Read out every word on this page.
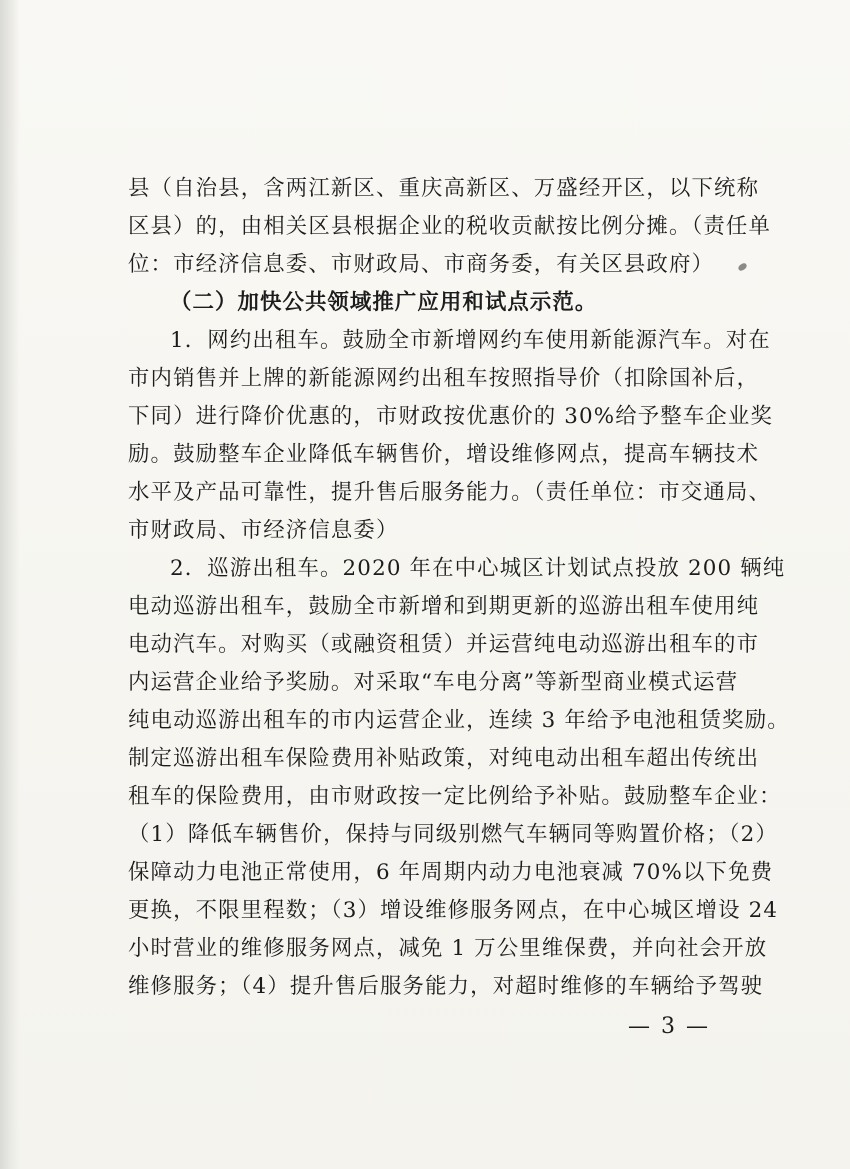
县（自治县，含两江新区、重庆高新区、万盛经开区，以下统称
区县）的，由相关区县根据企业的税收贡献按比例分摊。（责任单
位：市经济信息委、市财政局、市商务委，有关区县政府）
（二）加快公共领域推广应用和试点示范。
1．网约出租车。鼓励全市新增网约车使用新能源汽车。对在
市内销售并上牌的新能源网约出租车按照指导价（扣除国补后，
下同）进行降价优惠的，市财政按优惠价的 30%给予整车企业奖
励。鼓励整车企业降低车辆售价，增设维修网点，提高车辆技术
水平及产品可靠性，提升售后服务能力。（责任单位：市交通局、
市财政局、市经济信息委）
2．巡游出租车。2020 年在中心城区计划试点投放 200 辆纯
电动巡游出租车，鼓励全市新增和到期更新的巡游出租车使用纯
电动汽车。对购买（或融资租赁）并运营纯电动巡游出租车的市
内运营企业给予奖励。对采取“车电分离”等新型商业模式运营
纯电动巡游出租车的市内运营企业，连续 3 年给予电池租赁奖励。
制定巡游出租车保险费用补贴政策，对纯电动出租车超出传统出
租车的保险费用，由市财政按一定比例给予补贴。鼓励整车企业：
（1）降低车辆售价，保持与同级别燃气车辆同等购置价格；（2）
保障动力电池正常使用，6 年周期内动力电池衰减 70%以下免费
更换，不限里程数；（3）增设维修服务网点，在中心城区增设 24
小时营业的维修服务网点，减免 1 万公里维保费，并向社会开放
维修服务；（4）提升售后服务能力，对超时维修的车辆给予驾驶
— 3 —
